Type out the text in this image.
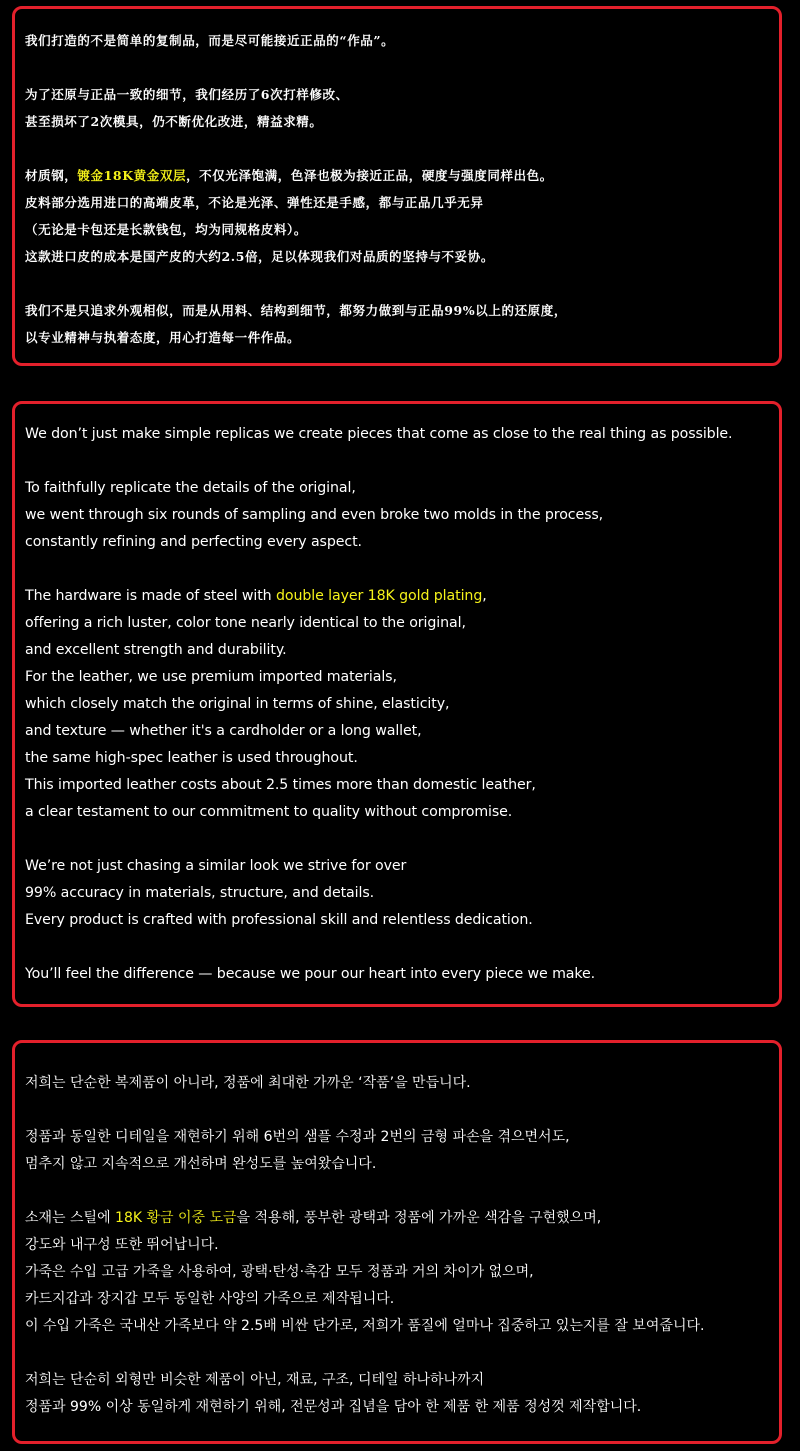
我们打造的不是简单的复制品，而是尽可能接近正品的“作品”。
为了还原与正品一致的细节，我们经历了6次打样修改、
甚至损坏了2次模具，仍不断优化改进，精益求精。
材质钢，镀金18K黄金双层，不仅光泽饱满，色泽也极为接近正品，硬度与强度同样出色。
皮料部分选用进口的高端皮革，不论是光泽、弹性还是手感，都与正品几乎无异
（无论是卡包还是长款钱包，均为同规格皮料）。
这款进口皮的成本是国产皮的大约2.5倍，足以体现我们对品质的坚持与不妥协。
我们不是只追求外观相似，而是从用料、结构到细节，都努力做到与正品99%以上的还原度，
以专业精神与执着态度，用心打造每一件作品。
We don’t just make simple replicas we create pieces that come as close to the real thing as possible.
To faithfully replicate the details of the original,
we went through six rounds of sampling and even broke two molds in the process,
constantly refining and perfecting every aspect.
The hardware is made of steel with double layer 18K gold plating,
offering a rich luster, color tone nearly identical to the original,
and excellent strength and durability.
For the leather, we use premium imported materials,
which closely match the original in terms of shine, elasticity,
and texture — whether it's a cardholder or a long wallet,
the same high-spec leather is used throughout.
This imported leather costs about 2.5 times more than domestic leather,
a clear testament to our commitment to quality without compromise.
We’re not just chasing a similar look we strive for over
99% accuracy in materials, structure, and details.
Every product is crafted with professional skill and relentless dedication.
You’ll feel the difference — because we pour our heart into every piece we make.
저희는 단순한 복제품이 아니라, 정품에 최대한 가까운 ‘작품’을 만듭니다.
정품과 동일한 디테일을 재현하기 위해 6번의 샘플 수정과 2번의 금형 파손을 겪으면서도,
멈추지 않고 지속적으로 개선하며 완성도를 높여왔습니다.
소재는 스틸에 18K 황금 이중 도금을 적용해, 풍부한 광택과 정품에 가까운 색감을 구현했으며,
강도와 내구성 또한 뛰어납니다.
가죽은 수입 고급 가죽을 사용하여, 광택·탄성·촉감 모두 정품과 거의 차이가 없으며,
카드지갑과 장지갑 모두 동일한 사양의 가죽으로 제작됩니다.
이 수입 가죽은 국내산 가죽보다 약 2.5배 비싼 단가로, 저희가 품질에 얼마나 집중하고 있는지를 잘 보여줍니다.
저희는 단순히 외형만 비슷한 제품이 아닌, 재료, 구조, 디테일 하나하나까지
정품과 99% 이상 동일하게 재현하기 위해, 전문성과 집념을 담아 한 제품 한 제품 정성껏 제작합니다.
